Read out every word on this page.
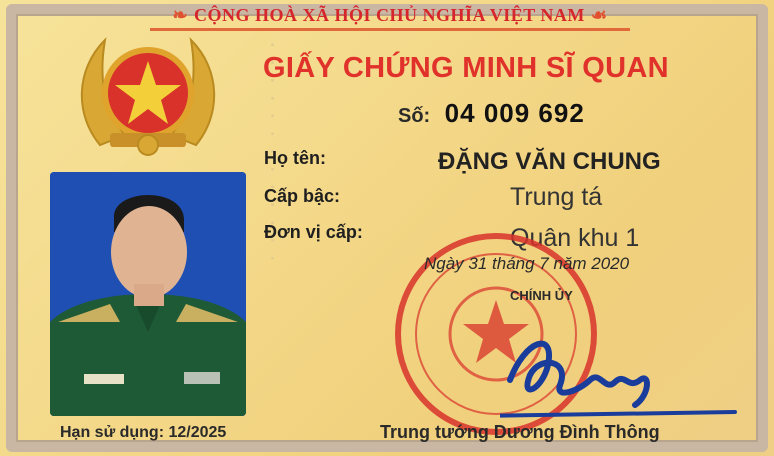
❧ CỘNG HOÀ XÃ HỘI CHỦ NGHĨA VIỆT NAM ☙
▪ ▪ ▪ ▪ ▪ ▪ ▪ ▪ ▪ ▪ ▪ ▪ ▪
GIẤY CHỨNG MINH SĨ QUAN
Số: 04 009 692
Họ tên:	ĐẶNG VĂN CHUNG
Cấp bậc:	Trung tá
Đơn vị cấp:	Quân khu 1
Ngày 31 tháng 7 năm 2020
CHÍNH ỦY
Trung tướng Dương Đình Thông
Hạn sử dụng: 12/2025
